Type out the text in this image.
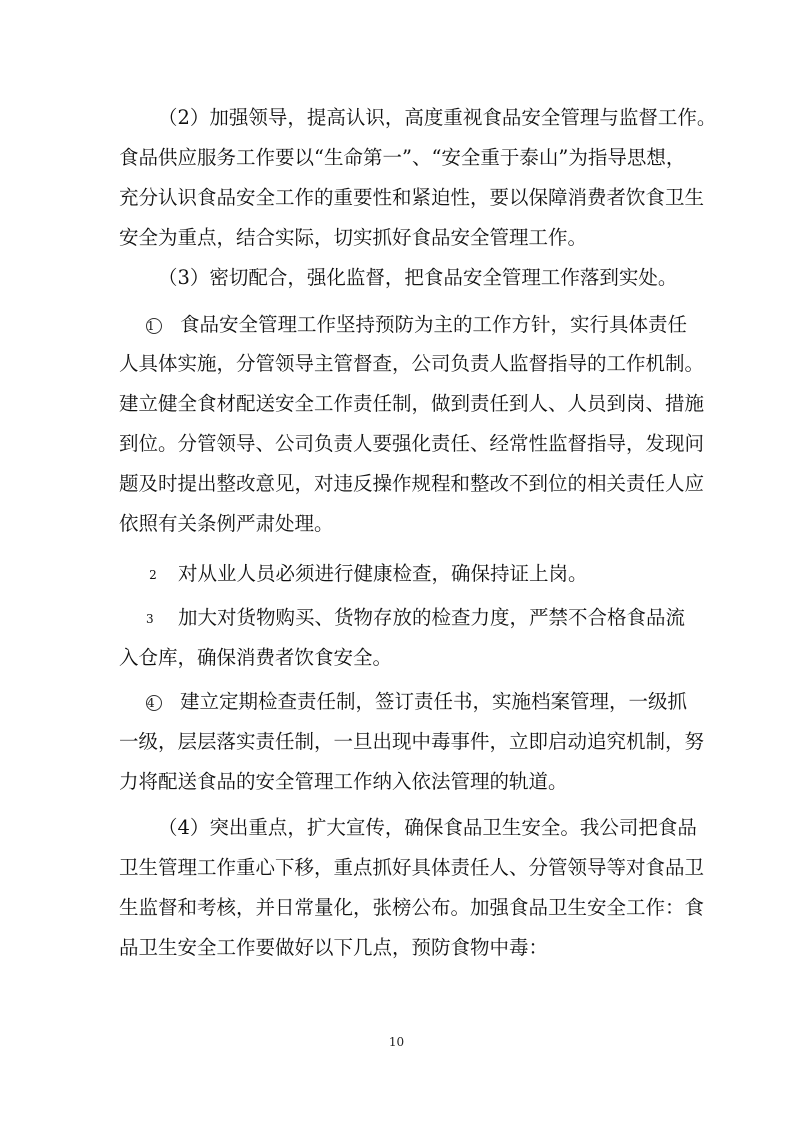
（2）加强领导，提高认识，高度重视食品安全管理与监督工作。
食品供应服务工作要以“生命第一”、“安全重于泰山”为指导思想，
充分认识食品安全工作的重要性和紧迫性，要以保障消费者饮食卫生
安全为重点，结合实际，切实抓好食品安全管理工作。
（3）密切配合，强化监督，把食品安全管理工作落到实处。
1 食品安全管理工作坚持预防为主的工作方针，实行具体责任
人具体实施，分管领导主管督查，公司负责人监督指导的工作机制。
建立健全食材配送安全工作责任制，做到责任到人、人员到岗、措施
到位。分管领导、公司负责人要强化责任、经常性监督指导，发现问
题及时提出整改意见，对违反操作规程和整改不到位的相关责任人应
依照有关条例严肃处理。
2 对从业人员必须进行健康检查，确保持证上岗。
3 加大对货物购买、货物存放的检查力度，严禁不合格食品流
入仓库，确保消费者饮食安全。
4 建立定期检查责任制，签订责任书，实施档案管理，一级抓
一级，层层落实责任制，一旦出现中毒事件，立即启动追究机制，努
力将配送食品的安全管理工作纳入依法管理的轨道。
（4）突出重点，扩大宣传，确保食品卫生安全。我公司把食品
卫生管理工作重心下移，重点抓好具体责任人、分管领导等对食品卫
生监督和考核，并日常量化，张榜公布。加强食品卫生安全工作：食
品卫生安全工作要做好以下几点，预防食物中毒：
10
